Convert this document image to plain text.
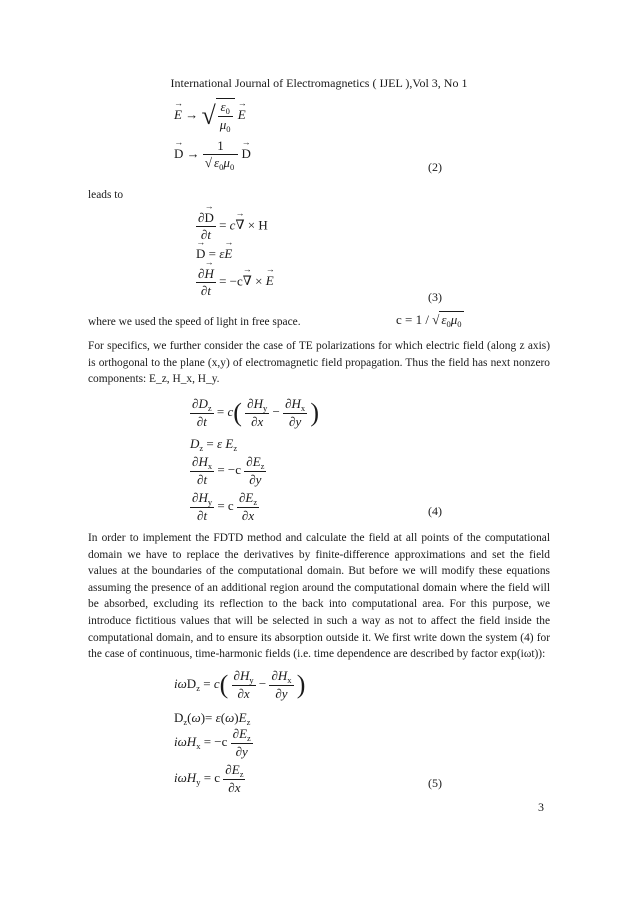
International Journal of Electromagnetics ( IJEL ),Vol 3, No 1
→ E → √ $\frac{\varepsilon_0}{\mu_0}$
→ E
→ $D \to \frac{1}{√ \varepsilon_0\mu_0}$
→ D
(2)
leads to
$\frac{\partial\to D}{\partial t} = c\to$ ∇ × H
→ D = ε→ E
$\frac{\partial\to H}{\partial t} = -c\to$ ∇ × → E
(3)
where we used the speed of light in free space.	c = 1 / √ $\varepsilon_0\mu_0$
For specifics, we further consider the case of TE polarizations for which electric field (along z axis) is orthogonal to the plane (x,y) of electromagnetic field propagation. Thus the field has next nonzero components: E_z, H_x, H_y.
$\frac{\partial D_z}{\partial t} = c( \frac{\partial H_y}{\partial x} - \frac{\partial H_x}{\partial y}$ )
$D_z = \varepsilon$ $E_z$
$\frac{\partial H_x}{\partial t} = -c \frac{\partial E_z}{\partial y}$
$\frac{\partial H_y}{\partial t} = c \frac{\partial E_z}{\partial x}$	(4)
In order to implement the FDTD method and calculate the field at all points of the computational domain we have to replace the derivatives by finite-difference approximations and set the field values at the boundaries of the computational domain. But before we will modify these equations assuming the presence of an additional region around the computational domain where the field will be absorbed, excluding its reflection to the back into computational area. For this purpose, we introduce fictitious values that will be selected in such a way as not to affect the field inside the computational domain, and to ensure its absorption outside it. We first write down the system (4) for the case of continuous, time-harmonic fields (i.e. time dependence are described by factor exp(iωt)):
$i\omega D_z = c( \frac{\partial H_y}{\partial x} - \frac{\partial H_x}{\partial y}$ )
$D_z(\omega)= \varepsilon(\omega)E_z$
$i\omega H_x = -c \frac{\partial E_z}{\partial y}$
iωH$_y$ = c $\frac{\partial E_z}{\partial x}$	(5)
3
